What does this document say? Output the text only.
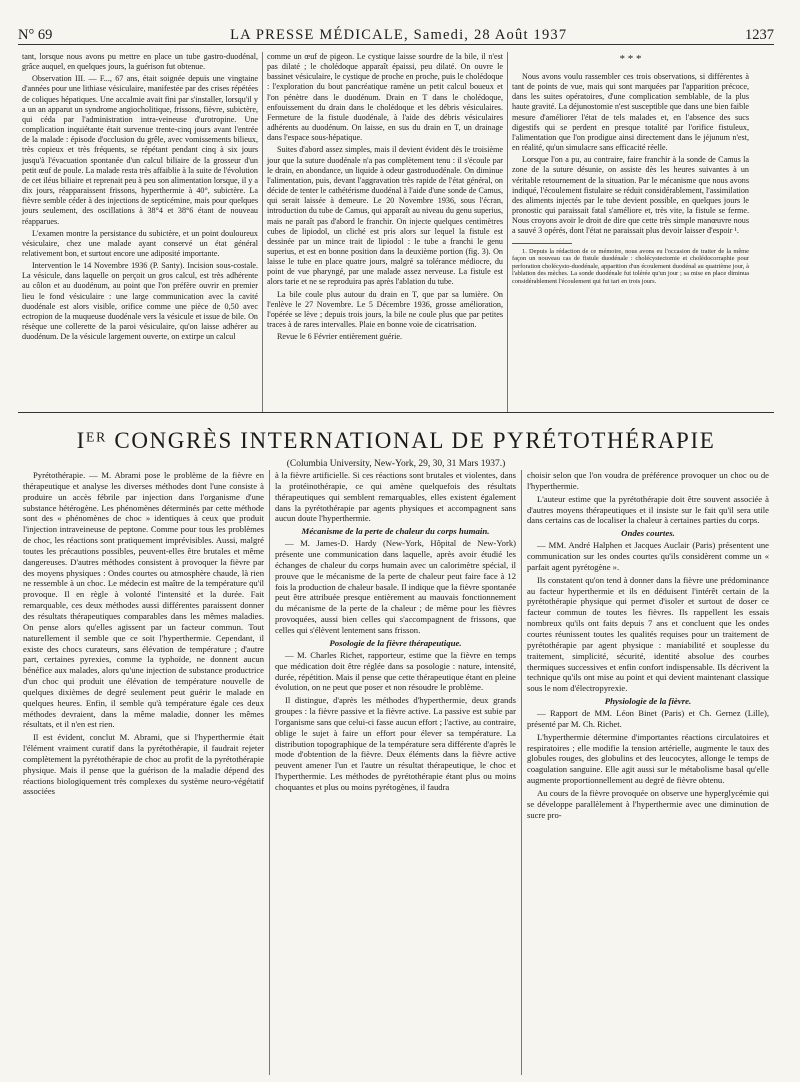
N° 69	LA PRESSE MÉDICALE, Samedi, 28 Août 1937	1237

tant, lorsque nous avons pu mettre en place un tube gastro-duodénal, grâce auquel, en quelques jours, la guérison fut obtenue.

Observation III. — F..., 67 ans, était soignée depuis une vingtaine d'années pour une lithiase vésiculaire, manifestée par des crises répétées de coliques hépatiques. Une accalmie avait fini par s'installer, lorsqu'il y a un an apparut un syndrome angiocholitique, frissons, fièvre, subictère, qui céda par l'administration intra-veineuse d'urotropine. Une complication inquiétante était survenue trente-cinq jours avant l'entrée de la malade : épisode d'occlusion du grêle, avec vomissements bilieux, très copieux et très fréquents, se répétant pendant cinq à six jours jusqu'à l'évacuation spontanée d'un calcul biliaire de la grosseur d'un petit œuf de poule. La malade resta très affaiblie à la suite de l'évolution de cet iléus biliaire et reprenait peu à peu son alimentation lorsque, il y a dix jours, réapparaissent frissons, hyperthermie à 40°, subictère. La fièvre semble céder à des injections de septicémine, mais pour quelques jours seulement, des oscillations à 38°4 et 38°6 étant de nouveau réapparues.

L'examen montre la persistance du subictère, et un point douloureux vésiculaire, chez une malade ayant conservé un état général relativement bon, et surtout encore une adiposité importante.

Intervention le 14 Novembre 1936 (P. Santy). Incision sous-costale. La vésicule, dans laquelle on perçoit un gros calcul, est très adhérente au côlon et au duodénum, au point que l'on préfère ouvrir en premier lieu le fond vésiculaire : une large communication avec la cavité duodénale est alors visible, orifice comme une pièce de 0,50 avec ectropion de la muqueuse duodénale vers la vésicule et issue de bile. On résèque une collerette de la paroi vésiculaire, qu'on laisse adhérer au duodénum. De la vésicule largement ouverte, on extirpe un calcul

comme un œuf de pigeon. Le cystique laisse sourdre de la bile, il n'est pas dilaté ; le cholédoque apparaît épaissi, peu dilaté. On ouvre le bassinet vésiculaire, le cystique de proche en proche, puis le cholédoque : l'exploration du bout pancréatique ramène un petit calcul boueux et l'on pénètre dans le duodénum. Drain en T dans le cholédoque, enfouissement du drain dans le cholédoque et les débris vésiculaires. Fermeture de la fistule duodénale, à l'aide des débris vésiculaires adhérents au duodénum. On laisse, en sus du drain en T, un drainage dans l'espace sous-hépatique.

Suites d'abord assez simples, mais il devient évident dès le troisième jour que la suture duodénale n'a pas complètement tenu : il s'écoule par le drain, en abondance, un liquide à odeur gastroduodénale. On diminue l'alimentation, puis, devant l'aggravation très rapide de l'état général, on décide de tenter le cathétérisme duodénal à l'aide d'une sonde de Camus, qui serait laissée à demeure. Le 20 Novembre 1936, sous l'écran, introduction du tube de Camus, qui apparaît au niveau du genu superius, mais ne paraît pas d'abord le franchir. On injecte quelques centimètres cubes de lipiodol, un cliché est pris alors sur lequel la fistule est dessinée par un mince trait de lipiodol : le tube a franchi le genu superius, et est en bonne position dans la deuxième portion (fig. 3). On laisse le tube en place quatre jours, malgré sa tolérance médiocre, du point de vue pharyngé, par une malade assez nerveuse. La fistule est alors tarie et ne se reproduira pas après l'ablation du tube.

La bile coule plus autour du drain en T, que par sa lumière. On l'enlève le 27 Novembre. Le 5 Décembre 1936, grosse amélioration, l'opérée se lève ; depuis trois jours, la bile ne coule plus que par petites traces à de rares intervalles. Plaie en bonne voie de cicatrisation.

Revue le 6 Février entièrement guérie.

* * *

Nous avons voulu rassembler ces trois observations, si différentes à tant de points de vue, mais qui sont marquées par l'apparition précoce, dans les suites opératoires, d'une complication semblable, de la plus haute gravité. La déjunostomie n'est susceptible que dans une bien faible mesure d'améliorer l'état de tels malades et, en l'absence des sucs digestifs qui se perdent en presque totalité par l'orifice fistuleux, l'alimentation que l'on prodigue ainsi directement dans le jéjunum n'est, en réalité, qu'un simulacre sans efficacité réelle.

Lorsque l'on a pu, au contraire, faire franchir à la sonde de Camus la zone de la suture désunie, on assiste dès les heures suivantes à un véritable retournement de la situation. Par le mécanisme que nous avons indiqué, l'écoulement fistulaire se réduit considérablement, l'assimilation des aliments injectés par le tube devient possible, en quelques jours le pronostic qui paraissait fatal s'améliore et, très vite, la fistule se ferme. Nous croyons avoir le droit de dire que cette très simple manœuvre nous a sauvé 3 opérés, dont l'état ne paraissait plus devoir laisser d'espoir ¹.

1. Depuis la rédaction de ce mémoire, nous avons eu l'occasion de traiter de la même façon un nouveau cas de fistule duodénale : cholécystectomie et cholédocorraphie pour perforation cholécysto-duodénale, apparition d'un écoulement duodénal au quatrième jour, à l'ablation des mèches. La sonde duodénale fut tolérée qu'un jour ; sa mise en place diminua considérablement l'écoulement qui fut tari en trois jours.

Iᴱᴿ CONGRÈS INTERNATIONAL DE PYRÉTOTHÉRAPIE
(Columbia University, New-York, 29, 30, 31 Mars 1937.)

Pyrétothérapie. — M. Abrami pose le problème de la fièvre en thérapeutique et analyse les diverses méthodes dont l'une consiste à produire un accès fébrile par injection dans l'organisme d'une substance hétérogène. Les phénomènes déterminés par cette méthode sont des « phénomènes de choc » identiques à ceux que produit l'injection intraveineuse de peptone. Comme pour tous les problèmes de choc, les réactions sont pratiquement imprévisibles. Aussi, malgré toutes les précautions possibles, peuvent-elles être brutales et même dangereuses. D'autres méthodes consistent à provoquer la fièvre par des moyens physiques : Ondes courtes ou atmosphère chaude, là rien ne ressemble à un choc. Le médecin est maître de la température qu'il provoque. Il en règle à volonté l'intensité et la durée. Fait remarquable, ces deux méthodes aussi différentes paraissent donner des résultats thérapeutiques comparables dans les mêmes maladies. On pense alors qu'elles agissent par un facteur commun. Tout naturellement il semble que ce soit l'hyperthermie. Cependant, il existe des chocs curateurs, sans élévation de température ; d'autre part, certaines pyrexies, comme la typhoïde, ne donnent aucun bénéfice aux malades, alors qu'une injection de substance productrice d'un choc qui produit une élévation de température nouvelle de quelques dixièmes de degré seulement peut guérir le malade en quelques heures. Enfin, il semble qu'à température égale ces deux méthodes devraient, dans la même maladie, donner les mêmes résultats, et il n'en est rien.

Il est évident, conclut M. Abrami, que si l'hyperthermie était l'élément vraiment curatif dans la pyrétothérapie, il faudrait rejeter complètement la pyrétothérapie de choc au profit de la pyrétothérapie physique. Mais il pense que la guérison de la maladie dépend des réactions biologiquement très complexes du système neuro-végétatif associées

à la fièvre artificielle. Si ces réactions sont brutales et violentes, dans la protéinothérapie, ce qui amène quelquefois des résultats thérapeutiques qui semblent remarquables, elles existent également dans la pyrétothérapie par agents physiques et accompagnent sans aucun doute l'hyperthermie.

Mécanisme de la perte de chaleur du corps humain.

— M. James-D. Hardy (New-York, Hôpital de New-York) présente une communication dans laquelle, après avoir étudié les échanges de chaleur du corps humain avec un calorimètre spécial, il prouve que le mécanisme de la perte de chaleur peut faire face à 12 fois la production de chaleur basale. Il indique que la fièvre spontanée peut être attribuée presque entièrement au mauvais fonctionnement du mécanisme de la perte de la chaleur ; de même pour les fièvres provoquées, aussi bien celles qui s'accompagnent de frissons, que celles qui s'élèvent lentement sans frisson.

Posologie de la fièvre thérapeutique.

— M. Charles Richet, rapporteur, estime que la fièvre en temps que médication doit être réglée dans sa posologie : nature, intensité, durée, répétition. Mais il pense que cette thérapeutique étant en pleine évolution, on ne peut que poser et non résoudre le problème.

Il distingue, d'après les méthodes d'hyperthermie, deux grands groupes : la fièvre passive et la fièvre active. La passive est subie par l'organisme sans que celui-ci fasse aucun effort ; l'active, au contraire, oblige le sujet à faire un effort pour élever sa température. La distribution topographique de la température sera différente d'après le mode d'obtention de la fièvre. Deux éléments dans la fièvre active peuvent amener l'un et l'autre un résultat thérapeutique, le choc et l'hyperthermie. Les méthodes de pyrétothérapie étant plus ou moins choquantes et plus ou moins pyrétogènes, il faudra

choisir selon que l'on voudra de préférence provoquer un choc ou de l'hyperthermie.

L'auteur estime que la pyrétothérapie doit être souvent associée à d'autres moyens thérapeutiques et il insiste sur le fait qu'il sera utile dans certains cas de localiser la chaleur à certaines parties du corps.

Ondes courtes.

— MM. André Halphen et Jacques Auclair (Paris) présentent une communication sur les ondes courtes qu'ils considèrent comme un « parfait agent pyrétogène ».

Ils constatent qu'on tend à donner dans la fièvre une prédominance au facteur hyperthermie et ils en déduisent l'intérêt certain de la pyrétothérapie physique qui permet d'isoler et surtout de doser ce facteur commun de toutes les fièvres. Ils rappellent les essais nombreux qu'ils ont faits depuis 7 ans et concluent que les ondes courtes réunissent toutes les qualités requises pour un traitement de pyrétothérapie par agent physique : maniabilité et souplesse du traitement, simplicité, sécurité, identité absolue des courbes thermiques successives et enfin confort indispensable. Ils décrivent la technique qu'ils ont mise au point et qui devient maintenant classique sous le nom d'électropyrexie.

Physiologie de la fièvre.

— Rapport de MM. Léon Binet (Paris) et Ch. Gernez (Lille), présenté par M. Ch. Richet.

L'hyperthermie détermine d'importantes réactions circulatoires et respiratoires ; elle modifie la tension artérielle, augmente le taux des globules rouges, des globulins et des leucocytes, allonge le temps de coagulation sanguine. Elle agit aussi sur le métabolisme basal qu'elle augmente proportionnellement au degré de fièvre obtenu.

Au cours de la fièvre provoquée on observe une hyperglycémie qui se développe parallèlement à l'hyperthermie avec une diminution de sucre pro-
